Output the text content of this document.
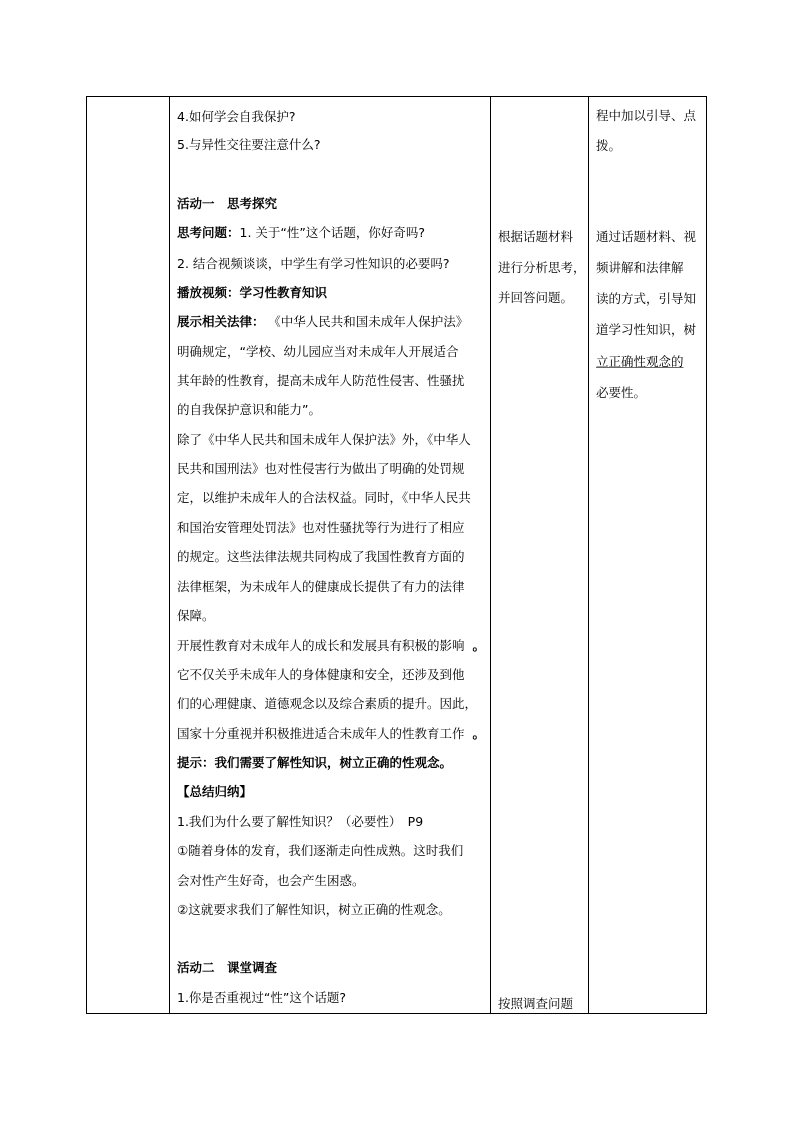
4.如何学会自我保护?
5.与异性交往要注意什么?
活动一　思考探究
思考问题：1. 关于“性”这个话题，你好奇吗?
2. 结合视频谈谈，中学生有学习性知识的必要吗?
播放视频：学习性教育知识
展示相关法律： 《中华人民共和国未成年人保护法》
明确规定，“学校、幼儿园应当对未成年人开展适合
其年龄的性教育，提高未成年人防范性侵害、性骚扰
的自我保护意识和能力”。
除了《中华人民共和国未成年人保护法》外，《中华人
民共和国刑法》也对性侵害行为做出了明确的处罚规
定，以维护未成年人的合法权益。同时，《中华人民共
和国治安管理处罚法》也对性骚扰等行为进行了相应
的规定。这些法律法规共同构成了我国性教育方面的
法律框架，为未成年人的健康成长提供了有力的法律
保障。
开展性教育对未成年人的成长和发展具有积极的影响 。
它不仅关乎未成年人的身体健康和安全，还涉及到他
们的心理健康、道德观念以及综合素质的提升。因此，
国家十分重视并积极推进适合未成年人的性教育工作 。
提示：我们需要了解性知识，树立正确的性观念。
【总结归纳】
1.我们为什么要了解性知识？（必要性）　P9
①随着身体的发育，我们逐渐走向性成熟。这时我们
会对性产生好奇，也会产生困惑。
②这就要求我们了解性知识，树立正确的性观念。
活动二　课堂调查
1.你是否重视过“性”这个话题?
根据话题材料
进行分析思考，
并回答问题。
按照调查问题
程中加以引导、点
拨。
通过话题材料、视
频讲解和法律解
读的方式，引导知
道学习性知识，树
立正确性观念的
必要性。
